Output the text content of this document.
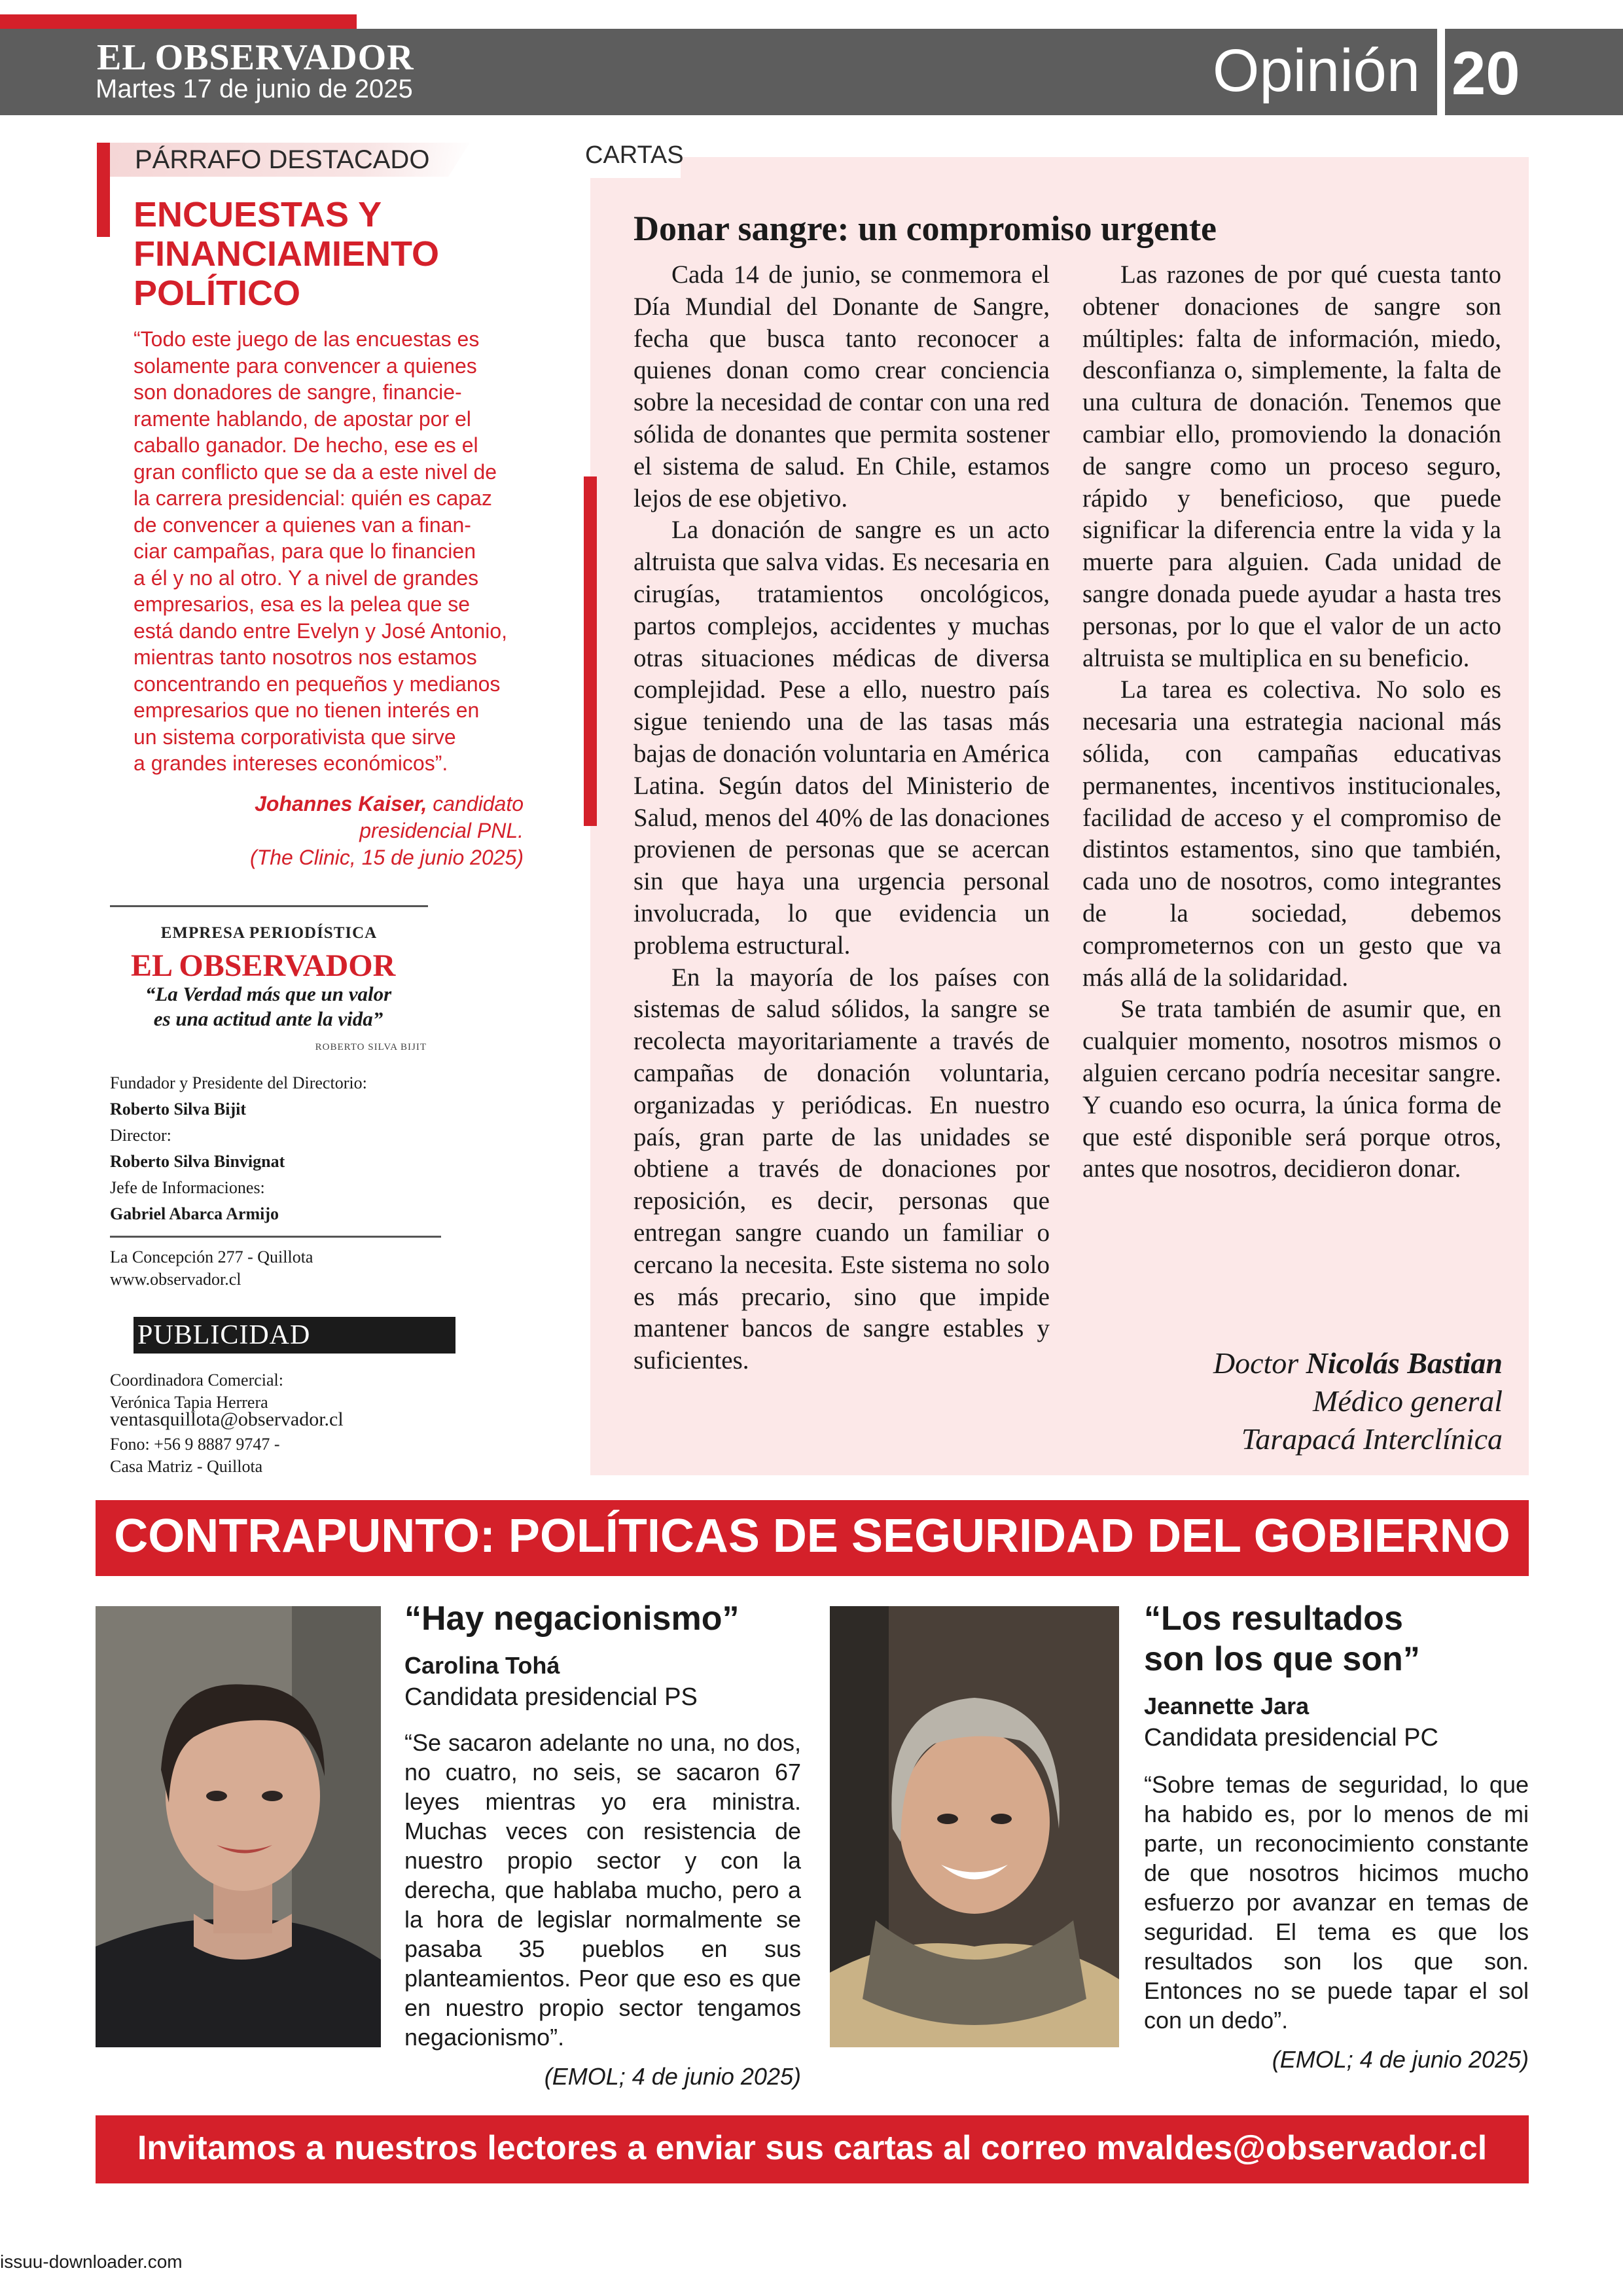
EL OBSERVADOR
Martes 17 de junio de 2025	Opinión 20
PÁRRAFO DESTACADO
ENCUESTAS Y
FINANCIAMIENTO
POLÍTICO
“Todo este juego de las encuestas es
solamente para convencer a quienes
son donadores de sangre, financie-
ramente hablando, de apostar por el
caballo ganador. De hecho, ese es el
gran conflicto que se da a este nivel de
la carrera presidencial: quién es capaz
de convencer a quienes van a finan-
ciar campañas, para que lo financien
a él y no al otro. Y a nivel de grandes
empresarios, esa es la pelea que se
está dando entre Evelyn y José Antonio,
mientras tanto nosotros nos estamos
concentrando en pequeños y medianos
empresarios que no tienen interés en
un sistema corporativista que sirve
a grandes intereses económicos”.
Johannes Kaiser, candidato
presidencial PNL.
(The Clinic, 15 de junio 2025)
EMPRESA PERIODÍSTICA
EL OBSERVADOR
“La Verdad más que un valor
es una actitud ante la vida”
ROBERTO SILVA BIJIT
Fundador y Presidente del Directorio:
Roberto Silva Bijit
Director:
Roberto Silva Binvignat
Jefe de Informaciones:
Gabriel Abarca Armijo
La Concepción 277 - Quillota
www.observador.cl
PUBLICIDAD
Coordinadora Comercial:
Verónica Tapia Herrera
ventasquillota@observador.cl
Fono: +56 9 8887 9747 -
Casa Matriz - Quillota
CARTAS
Donar sangre: un compromiso urgente

Cada 14 de junio, se conmemora el Día Mundial del Donante de Sangre, fecha que busca tanto reconocer a quienes donan como crear conciencia sobre la necesidad de contar con una red sólida de donantes que permita sostener el sistema de salud. En Chile, estamos lejos de ese objetivo.

La donación de sangre es un acto altruista que salva vidas. Es necesaria en cirugías, tratamientos oncológicos, partos complejos, accidentes y muchas otras situaciones médicas de diversa complejidad. Pese a ello, nuestro país sigue teniendo una de las tasas más bajas de donación voluntaria en América Latina. Según datos del Ministerio de Salud, menos del 40% de las donaciones provienen de personas que se acercan sin que haya una urgencia personal involucrada, lo que evidencia un problema estructural.

En la mayoría de los países con sistemas de salud sólidos, la sangre se recolecta mayoritariamente a través de campañas de donación voluntaria, organizadas y periódicas. En nuestro país, gran parte de las unidades se obtiene a través de donaciones por reposición, es decir, personas que entregan sangre cuando un familiar o cercano la necesita. Este sistema no solo es más precario, sino que impide mantener bancos de sangre estables y suficientes.

Las razones de por qué cuesta tanto obtener donaciones de sangre son múltiples: falta de información, miedo, desconfianza o, simplemente, la falta de una cultura de donación. Tenemos que cambiar ello, promoviendo la donación de sangre como un proceso seguro, rápido y beneficioso, que puede significar la diferencia entre la vida y la muerte para alguien. Cada unidad de sangre donada puede ayudar a hasta tres personas, por lo que el valor de un acto altruista se multiplica en su beneficio.

La tarea es colectiva. No solo es necesaria una estrategia nacional más sólida, con campañas educativas permanentes, incentivos institucionales, facilidad de acceso y el compromiso de distintos estamentos, sino que también, cada uno de nosotros, como integrantes de la sociedad, debemos comprometernos con un gesto que va más allá de la solidaridad.

Se trata también de asumir que, en cualquier momento, nosotros mismos o alguien cercano podría necesitar sangre. Y cuando eso ocurra, la única forma de que esté disponible será porque otros, antes que nosotros, decidieron donar.

Doctor Nicolás Bastian
Médico general
Tarapacá Interclínica
CONTRAPUNTO: POLÍTICAS DE SEGURIDAD DEL GOBIERNO
“Hay negacionismo”
Carolina Tohá
Candidata presidencial PS
“Se sacaron adelante no una, no dos, no cuatro, no seis, se sacaron 67 leyes mientras yo era ministra. Muchas veces con resistencia de nuestro propio sector y con la derecha, que hablaba mucho, pero a la hora de legislar normalmente se pasaba 35 pueblos en sus planteamientos. Peor que eso es que en nuestro propio sector tengamos negacionismo”.
(EMOL; 4 de junio 2025)
“Los resultados
son los que son”
Jeannette Jara
Candidata presidencial PC
“Sobre temas de seguridad, lo que ha habido es, por lo menos de mi parte, un reconocimiento constante de que nosotros hicimos mucho esfuerzo por avanzar en temas de seguridad. El tema es que los resultados son los que son. Entonces no se puede tapar el sol con un dedo”.
(EMOL; 4 de junio 2025)
Invitamos a nuestros lectores a enviar sus cartas al correo mvaldes@observador.cl
issuu-downloader.com
